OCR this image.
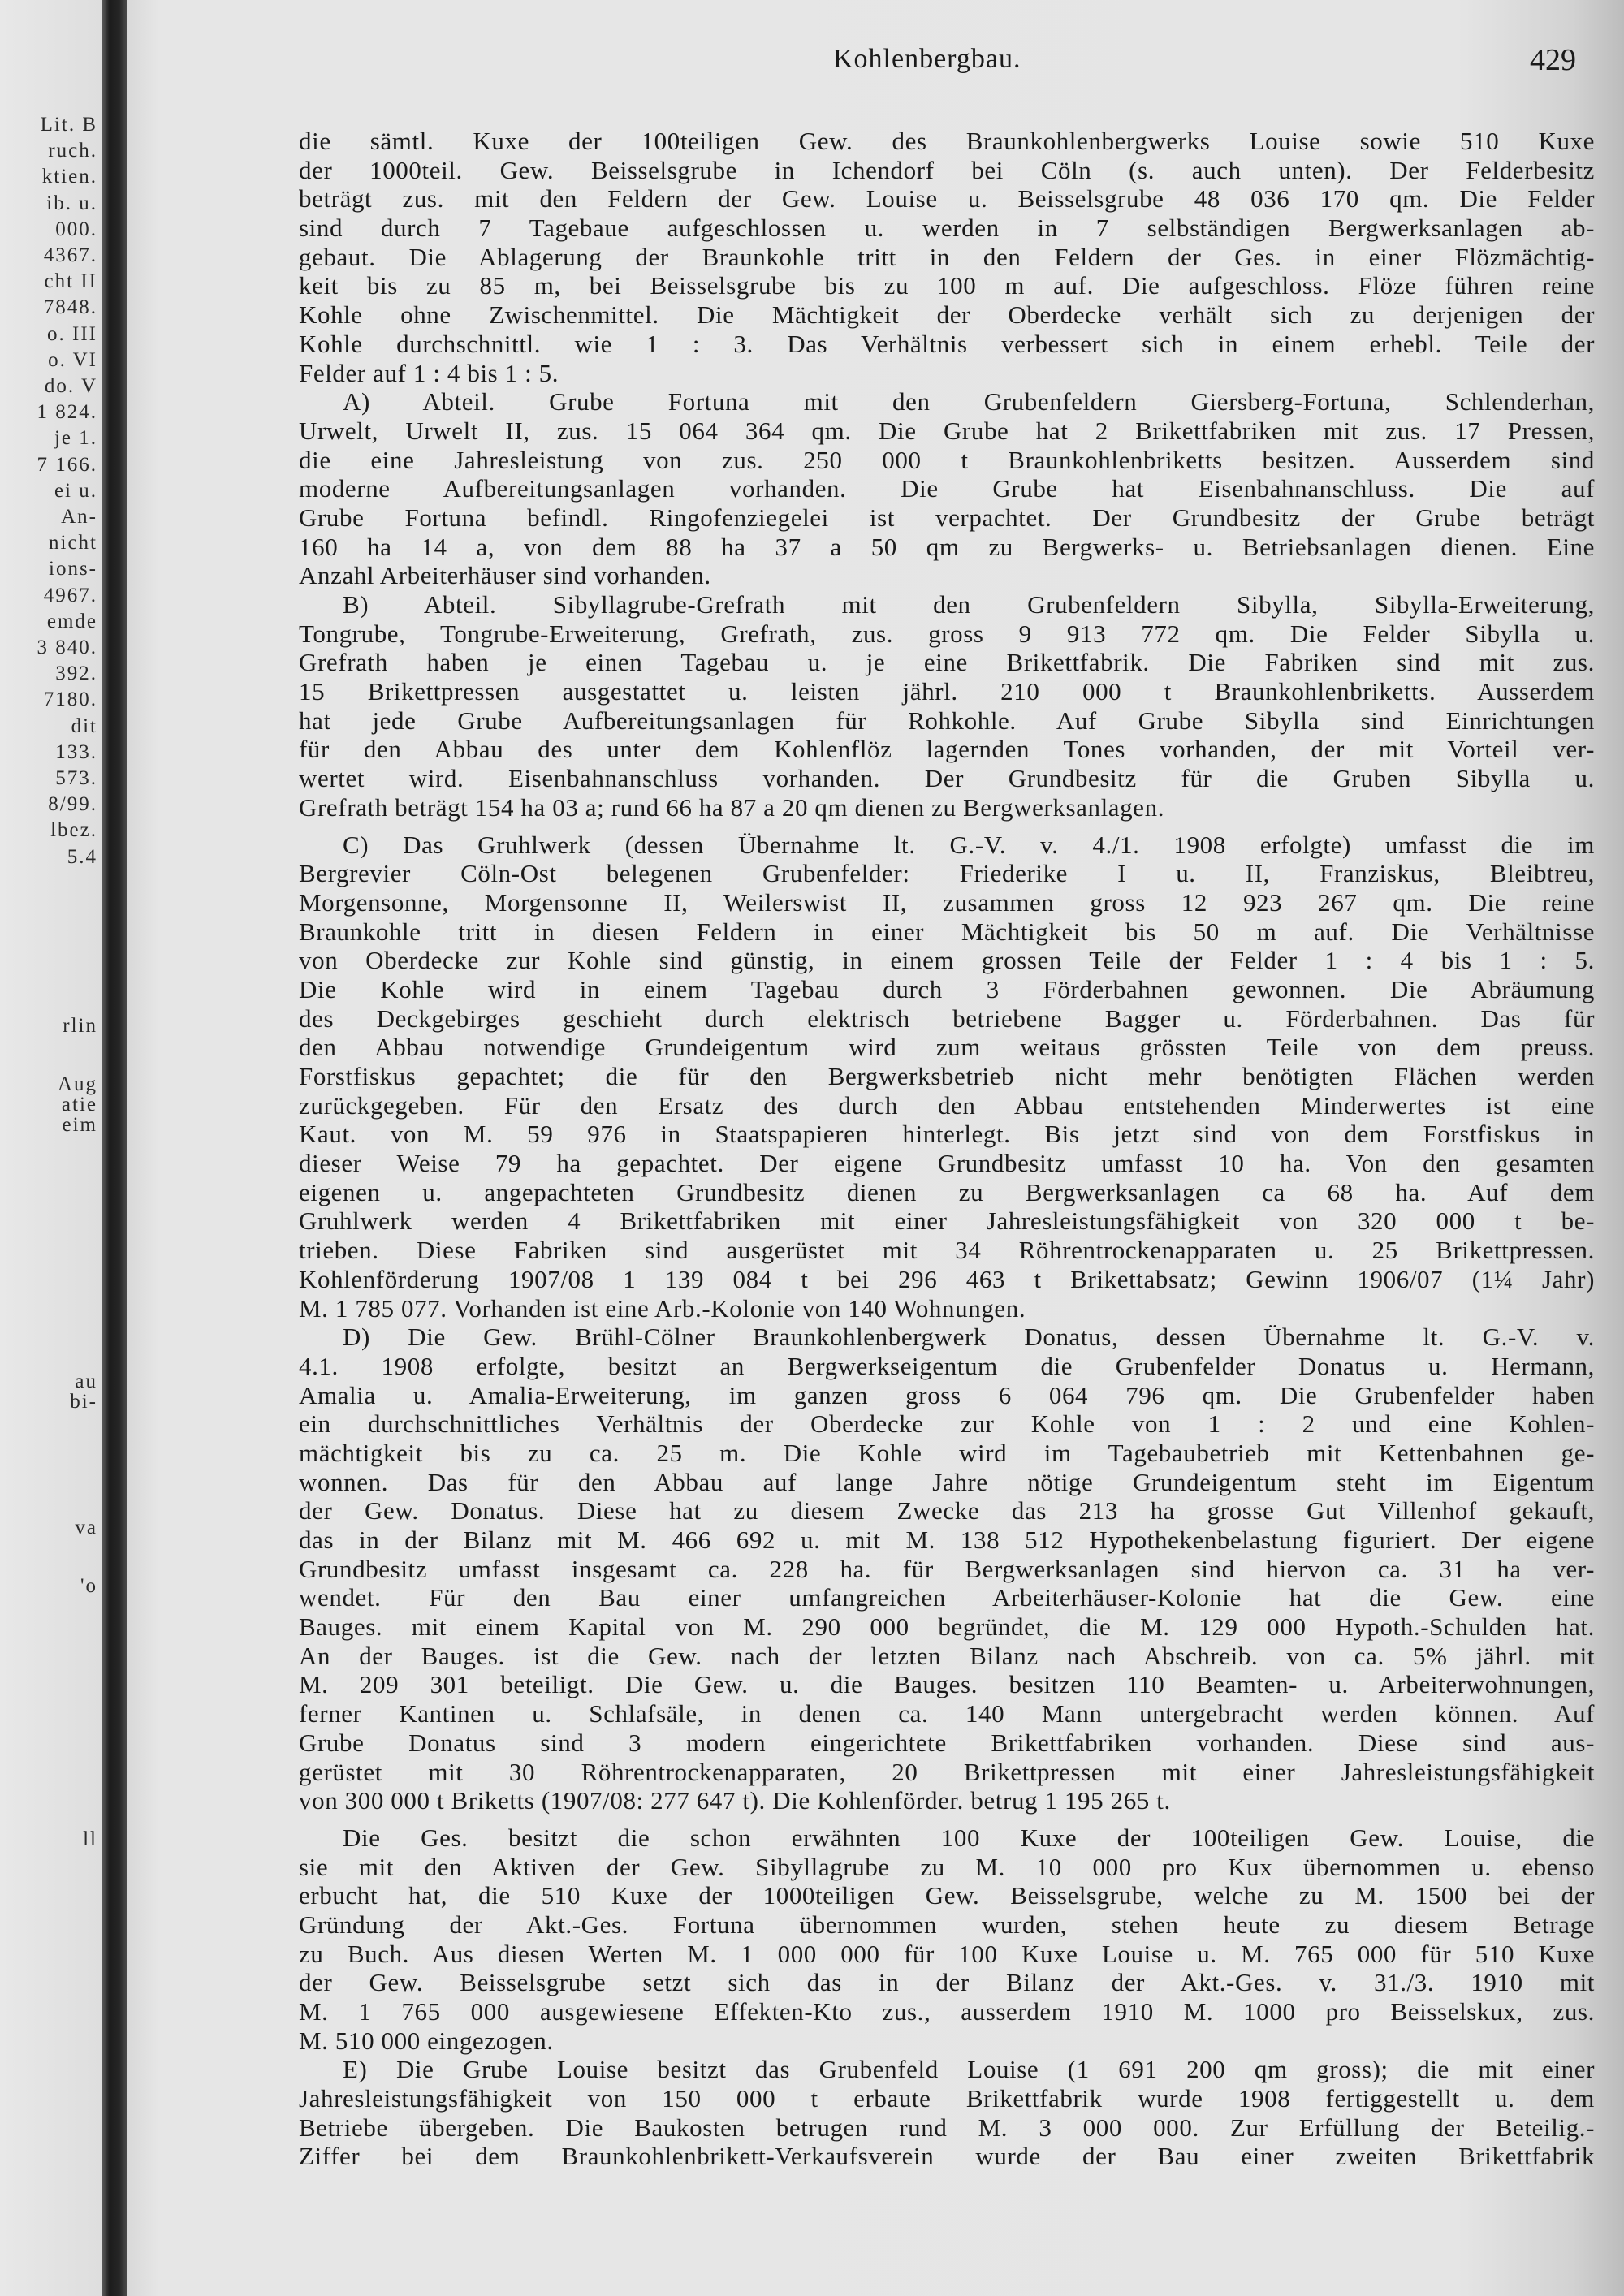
Lit. B
ruch.
ktien.
ib. u.
000.
4367.
cht II
7848.
o. III
o. VI
do. V
1 824.
je 1.
7 166.
ei u.
An-
nicht
ions-
4967.
emde
3 840.
392.
7180.
dit
133.
573.
8/99.
lbez.
5.4
rlin
Aug
atie
eim
au
bi-
va
'o
ll
Kohlenbergbau.	429
die sämtl. Kuxe der 100teiligen Gew. des Braunkohlenbergwerks Louise sowie 510 Kuxe
der 1000teil. Gew. Beisselsgrube in Ichendorf bei Cöln (s. auch unten). Der Felderbesitz
beträgt zus. mit den Feldern der Gew. Louise u. Beisselsgrube 48 036 170 qm. Die Felder
sind durch 7 Tagebaue aufgeschlossen u. werden in 7 selbständigen Bergwerksanlagen ab-
gebaut. Die Ablagerung der Braunkohle tritt in den Feldern der Ges. in einer Flözmächtig-
keit bis zu 85 m, bei Beisselsgrube bis zu 100 m auf. Die aufgeschloss. Flöze führen reine
Kohle ohne Zwischenmittel. Die Mächtigkeit der Oberdecke verhält sich zu derjenigen der
Kohle durchschnittl. wie 1 : 3. Das Verhältnis verbessert sich in einem erhebl. Teile der
Felder auf 1 : 4 bis 1 : 5.
A) Abteil. Grube Fortuna mit den Grubenfeldern Giersberg-Fortuna, Schlenderhan,
Urwelt, Urwelt II, zus. 15 064 364 qm. Die Grube hat 2 Brikettfabriken mit zus. 17 Pressen,
die eine Jahresleistung von zus. 250 000 t Braunkohlenbriketts besitzen. Ausserdem sind
moderne Aufbereitungsanlagen vorhanden. Die Grube hat Eisenbahnanschluss. Die auf
Grube Fortuna befindl. Ringofenziegelei ist verpachtet. Der Grundbesitz der Grube beträgt
160 ha 14 a, von dem 88 ha 37 a 50 qm zu Bergwerks- u. Betriebsanlagen dienen. Eine
Anzahl Arbeiterhäuser sind vorhanden.
B) Abteil. Sibyllagrube-Grefrath mit den Grubenfeldern Sibylla, Sibylla-Erweiterung,
Tongrube, Tongrube-Erweiterung, Grefrath, zus. gross 9 913 772 qm. Die Felder Sibylla u.
Grefrath haben je einen Tagebau u. je eine Brikettfabrik. Die Fabriken sind mit zus.
15 Brikettpressen ausgestattet u. leisten jährl. 210 000 t Braunkohlenbriketts. Ausserdem
hat jede Grube Aufbereitungsanlagen für Rohkohle. Auf Grube Sibylla sind Einrichtungen
für den Abbau des unter dem Kohlenflöz lagernden Tones vorhanden, der mit Vorteil ver-
wertet wird. Eisenbahnanschluss vorhanden. Der Grundbesitz für die Gruben Sibylla u.
Grefrath beträgt 154 ha 03 a; rund 66 ha 87 a 20 qm dienen zu Bergwerksanlagen.
C) Das Gruhlwerk (dessen Übernahme lt. G.-V. v. 4./1. 1908 erfolgte) umfasst die im
Bergrevier Cöln-Ost belegenen Grubenfelder: Friederike I u. II, Franziskus, Bleibtreu,
Morgensonne, Morgensonne II, Weilerswist II, zusammen gross 12 923 267 qm. Die reine
Braunkohle tritt in diesen Feldern in einer Mächtigkeit bis 50 m auf. Die Verhältnisse
von Oberdecke zur Kohle sind günstig, in einem grossen Teile der Felder 1 : 4 bis 1 : 5.
Die Kohle wird in einem Tagebau durch 3 Förderbahnen gewonnen. Die Abräumung
des Deckgebirges geschieht durch elektrisch betriebene Bagger u. Förderbahnen. Das für
den Abbau notwendige Grundeigentum wird zum weitaus grössten Teile von dem preuss.
Forstfiskus gepachtet; die für den Bergwerksbetrieb nicht mehr benötigten Flächen werden
zurückgegeben. Für den Ersatz des durch den Abbau entstehenden Minderwertes ist eine
Kaut. von M. 59 976 in Staatspapieren hinterlegt. Bis jetzt sind von dem Forstfiskus in
dieser Weise 79 ha gepachtet. Der eigene Grundbesitz umfasst 10 ha. Von den gesamten
eigenen u. angepachteten Grundbesitz dienen zu Bergwerksanlagen ca 68 ha. Auf dem
Gruhlwerk werden 4 Brikettfabriken mit einer Jahresleistungsfähigkeit von 320 000 t be-
trieben. Diese Fabriken sind ausgerüstet mit 34 Röhrentrockenapparaten u. 25 Brikettpressen.
Kohlenförderung 1907/08 1 139 084 t bei 296 463 t Brikettabsatz; Gewinn 1906/07 (1¼ Jahr)
M. 1 785 077. Vorhanden ist eine Arb.-Kolonie von 140 Wohnungen.
D) Die Gew. Brühl-Cölner Braunkohlenbergwerk Donatus, dessen Übernahme lt. G.-V. v.
4.1. 1908 erfolgte, besitzt an Bergwerkseigentum die Grubenfelder Donatus u. Hermann,
Amalia u. Amalia-Erweiterung, im ganzen gross 6 064 796 qm. Die Grubenfelder haben
ein durchschnittliches Verhältnis der Oberdecke zur Kohle von 1 : 2 und eine Kohlen-
mächtigkeit bis zu ca. 25 m. Die Kohle wird im Tagebaubetrieb mit Kettenbahnen ge-
wonnen. Das für den Abbau auf lange Jahre nötige Grundeigentum steht im Eigentum
der Gew. Donatus. Diese hat zu diesem Zwecke das 213 ha grosse Gut Villenhof gekauft,
das in der Bilanz mit M. 466 692 u. mit M. 138 512 Hypothekenbelastung figuriert. Der eigene
Grundbesitz umfasst insgesamt ca. 228 ha. für Bergwerksanlagen sind hiervon ca. 31 ha ver-
wendet. Für den Bau einer umfangreichen Arbeiterhäuser-Kolonie hat die Gew. eine
Bauges. mit einem Kapital von M. 290 000 begründet, die M. 129 000 Hypoth.-Schulden hat.
An der Bauges. ist die Gew. nach der letzten Bilanz nach Abschreib. von ca. 5% jährl. mit
M. 209 301 beteiligt. Die Gew. u. die Bauges. besitzen 110 Beamten- u. Arbeiterwohnungen,
ferner Kantinen u. Schlafsäle, in denen ca. 140 Mann untergebracht werden können. Auf
Grube Donatus sind 3 modern eingerichtete Brikettfabriken vorhanden. Diese sind aus-
gerüstet mit 30 Röhrentrockenapparaten, 20 Brikettpressen mit einer Jahresleistungsfähigkeit
von 300 000 t Briketts (1907/08: 277 647 t). Die Kohlenförder. betrug 1 195 265 t.
Die Ges. besitzt die schon erwähnten 100 Kuxe der 100teiligen Gew. Louise, die
sie mit den Aktiven der Gew. Sibyllagrube zu M. 10 000 pro Kux übernommen u. ebenso
erbucht hat, die 510 Kuxe der 1000teiligen Gew. Beisselsgrube, welche zu M. 1500 bei der
Gründung der Akt.-Ges. Fortuna übernommen wurden, stehen heute zu diesem Betrage
zu Buch. Aus diesen Werten M. 1 000 000 für 100 Kuxe Louise u. M. 765 000 für 510 Kuxe
der Gew. Beisselsgrube setzt sich das in der Bilanz der Akt.-Ges. v. 31./3. 1910 mit
M. 1 765 000 ausgewiesene Effekten-Kto zus., ausserdem 1910 M. 1000 pro Beisselskux, zus.
M. 510 000 eingezogen.
E) Die Grube Louise besitzt das Grubenfeld Louise (1 691 200 qm gross); die mit einer
Jahresleistungsfähigkeit von 150 000 t erbaute Brikettfabrik wurde 1908 fertiggestellt u. dem
Betriebe übergeben. Die Baukosten betrugen rund M. 3 000 000. Zur Erfüllung der Beteilig.-
Ziffer bei dem Braunkohlenbrikett-Verkaufsverein wurde der Bau einer zweiten Brikettfabrik
